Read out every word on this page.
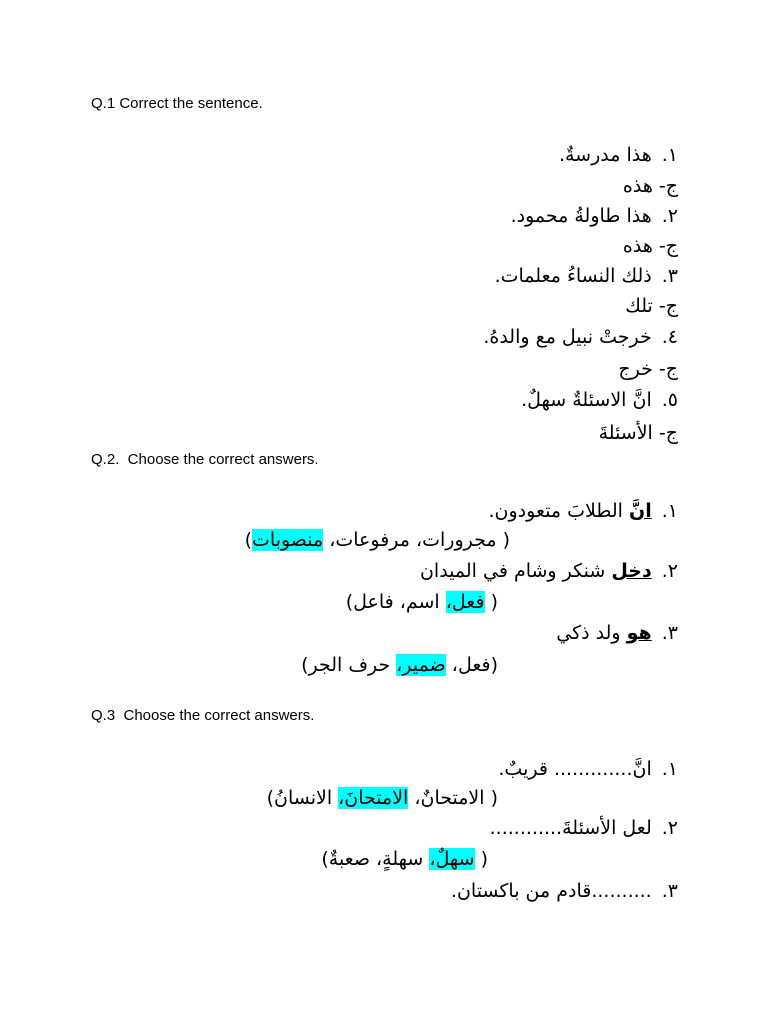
Q.1 Correct the sentence.
١.هذا مدرسةٌ.
ج- هذه
٢.هذا طاولةُ محمود.
ج- هذه
٣.ذلك النساءُ معلمات.
ج- تلك
٤.خرجتْ نبيل مع والدهُ.
ج- خرج
٥.انَّ الاسئلةٌ سهلٌ.
ج- الأسئلةَ
Q.2.  Choose the correct answers.
١.انَّ الطلابَ متعودون.
( مجرورات، مرفوعات، منصوبات)
٢.دخل شنكر وشام في الميدان
( فعل، اسم، فاعل)
٣.هو ولد ذكي
(فعل، ضمير، حرف الجر)
Q.3  Choose the correct answers.
١.انَّ............. قريبٌ.
( الامتحانٌ، الامتحانَ، الانسانُ)
٢.لعل الأسئلةَ............
( سهلٌ، سهلةٍ، صعبةٌ)
٣...........قادم من باكستان.
